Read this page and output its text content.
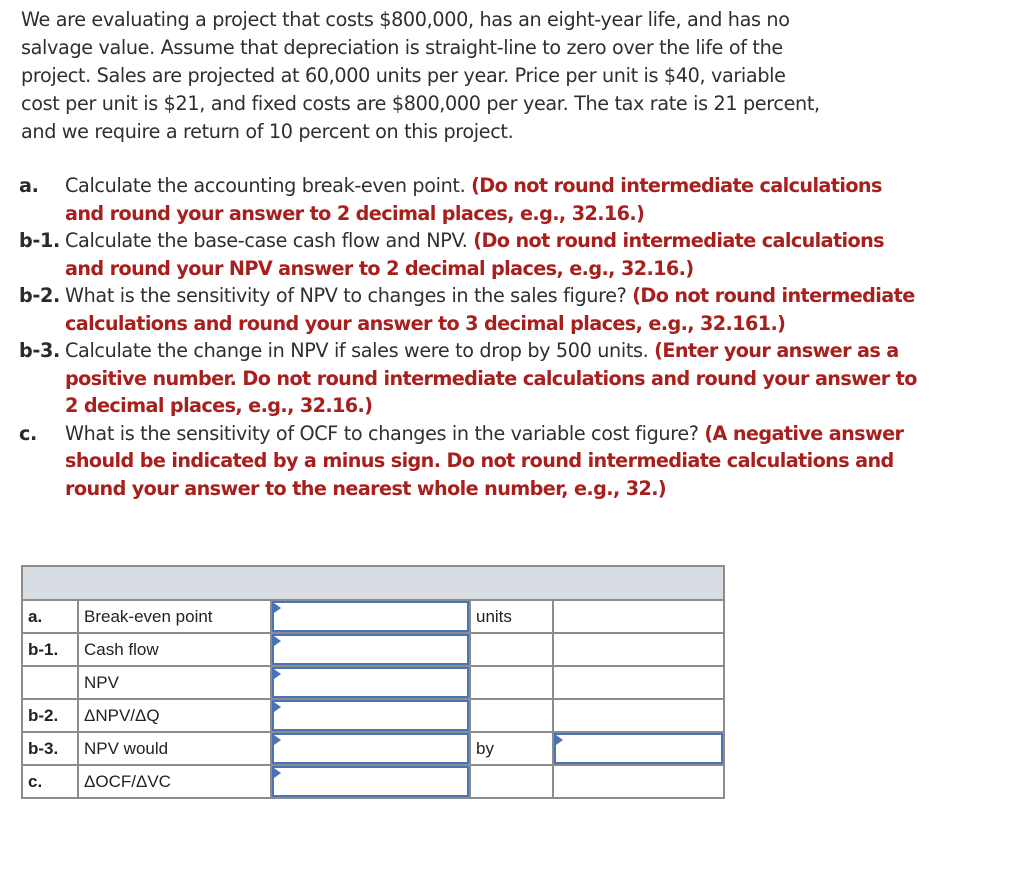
We are evaluating a project that costs $800,000, has an eight-year life, and has no
salvage value. Assume that depreciation is straight-line to zero over the life of the
project. Sales are projected at 60,000 units per year. Price per unit is $40, variable
cost per unit is $21, and fixed costs are $800,000 per year. The tax rate is 21 percent,
and we require a return of 10 percent on this project.
a.	Calculate the accounting break-even point. (Do not round intermediate calculations and round your answer to 2 decimal places, e.g., 32.16.)
b-1. Calculate the base-case cash flow and NPV. (Do not round intermediate calculations and round your NPV answer to 2 decimal places, e.g., 32.16.)
b-2. What is the sensitivity of NPV to changes in the sales figure? (Do not round intermediate calculations and round your answer to 3 decimal places, e.g., 32.161.)
b-3. Calculate the change in NPV if sales were to drop by 500 units. (Enter your answer as a positive number. Do not round intermediate calculations and round your answer to 2 decimal places, e.g., 32.16.)
c.	What is the sensitivity of OCF to changes in the variable cost figure? (A negative answer should be indicated by a minus sign. Do not round intermediate calculations and round your answer to the nearest whole number, e.g., 32.)

a.	Break-even point		units	
b-1.	Cash flow	

	NPV	

b-2.	ΔNPV/ΔQ	

b-3.	NPV would		by	

c.	ΔOCF/ΔVC	
